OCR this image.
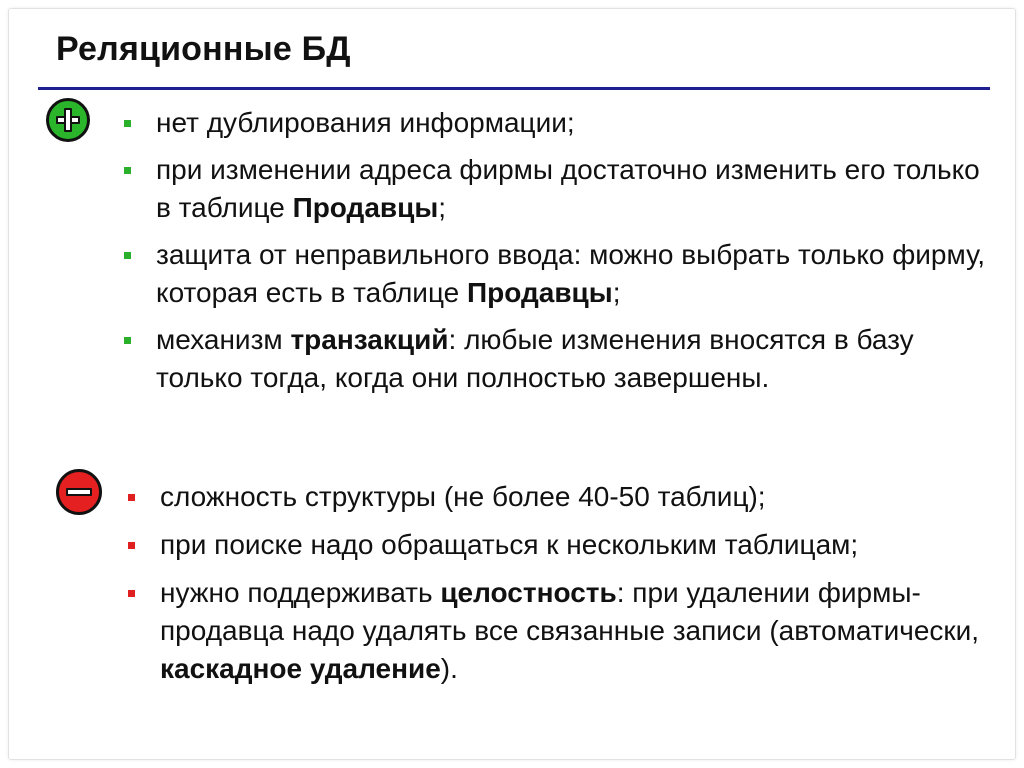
Реляционные БД
нет дублирования информации;
при изменении адреса фирмы достаточно изменить его только в таблице Продавцы;
защита от неправильного ввода: можно выбрать только фирму, которая есть в таблице Продавцы;
механизм транзакций: любые изменения вносятся в базу только тогда, когда они полностью завершены.
сложность структуры (не более 40-50 таблиц);
при поиске надо обращаться к нескольким таблицам;
нужно поддерживать целостность: при удалении фирмы-продавца надо удалять все связанные записи (автоматически, каскадное удаление).
